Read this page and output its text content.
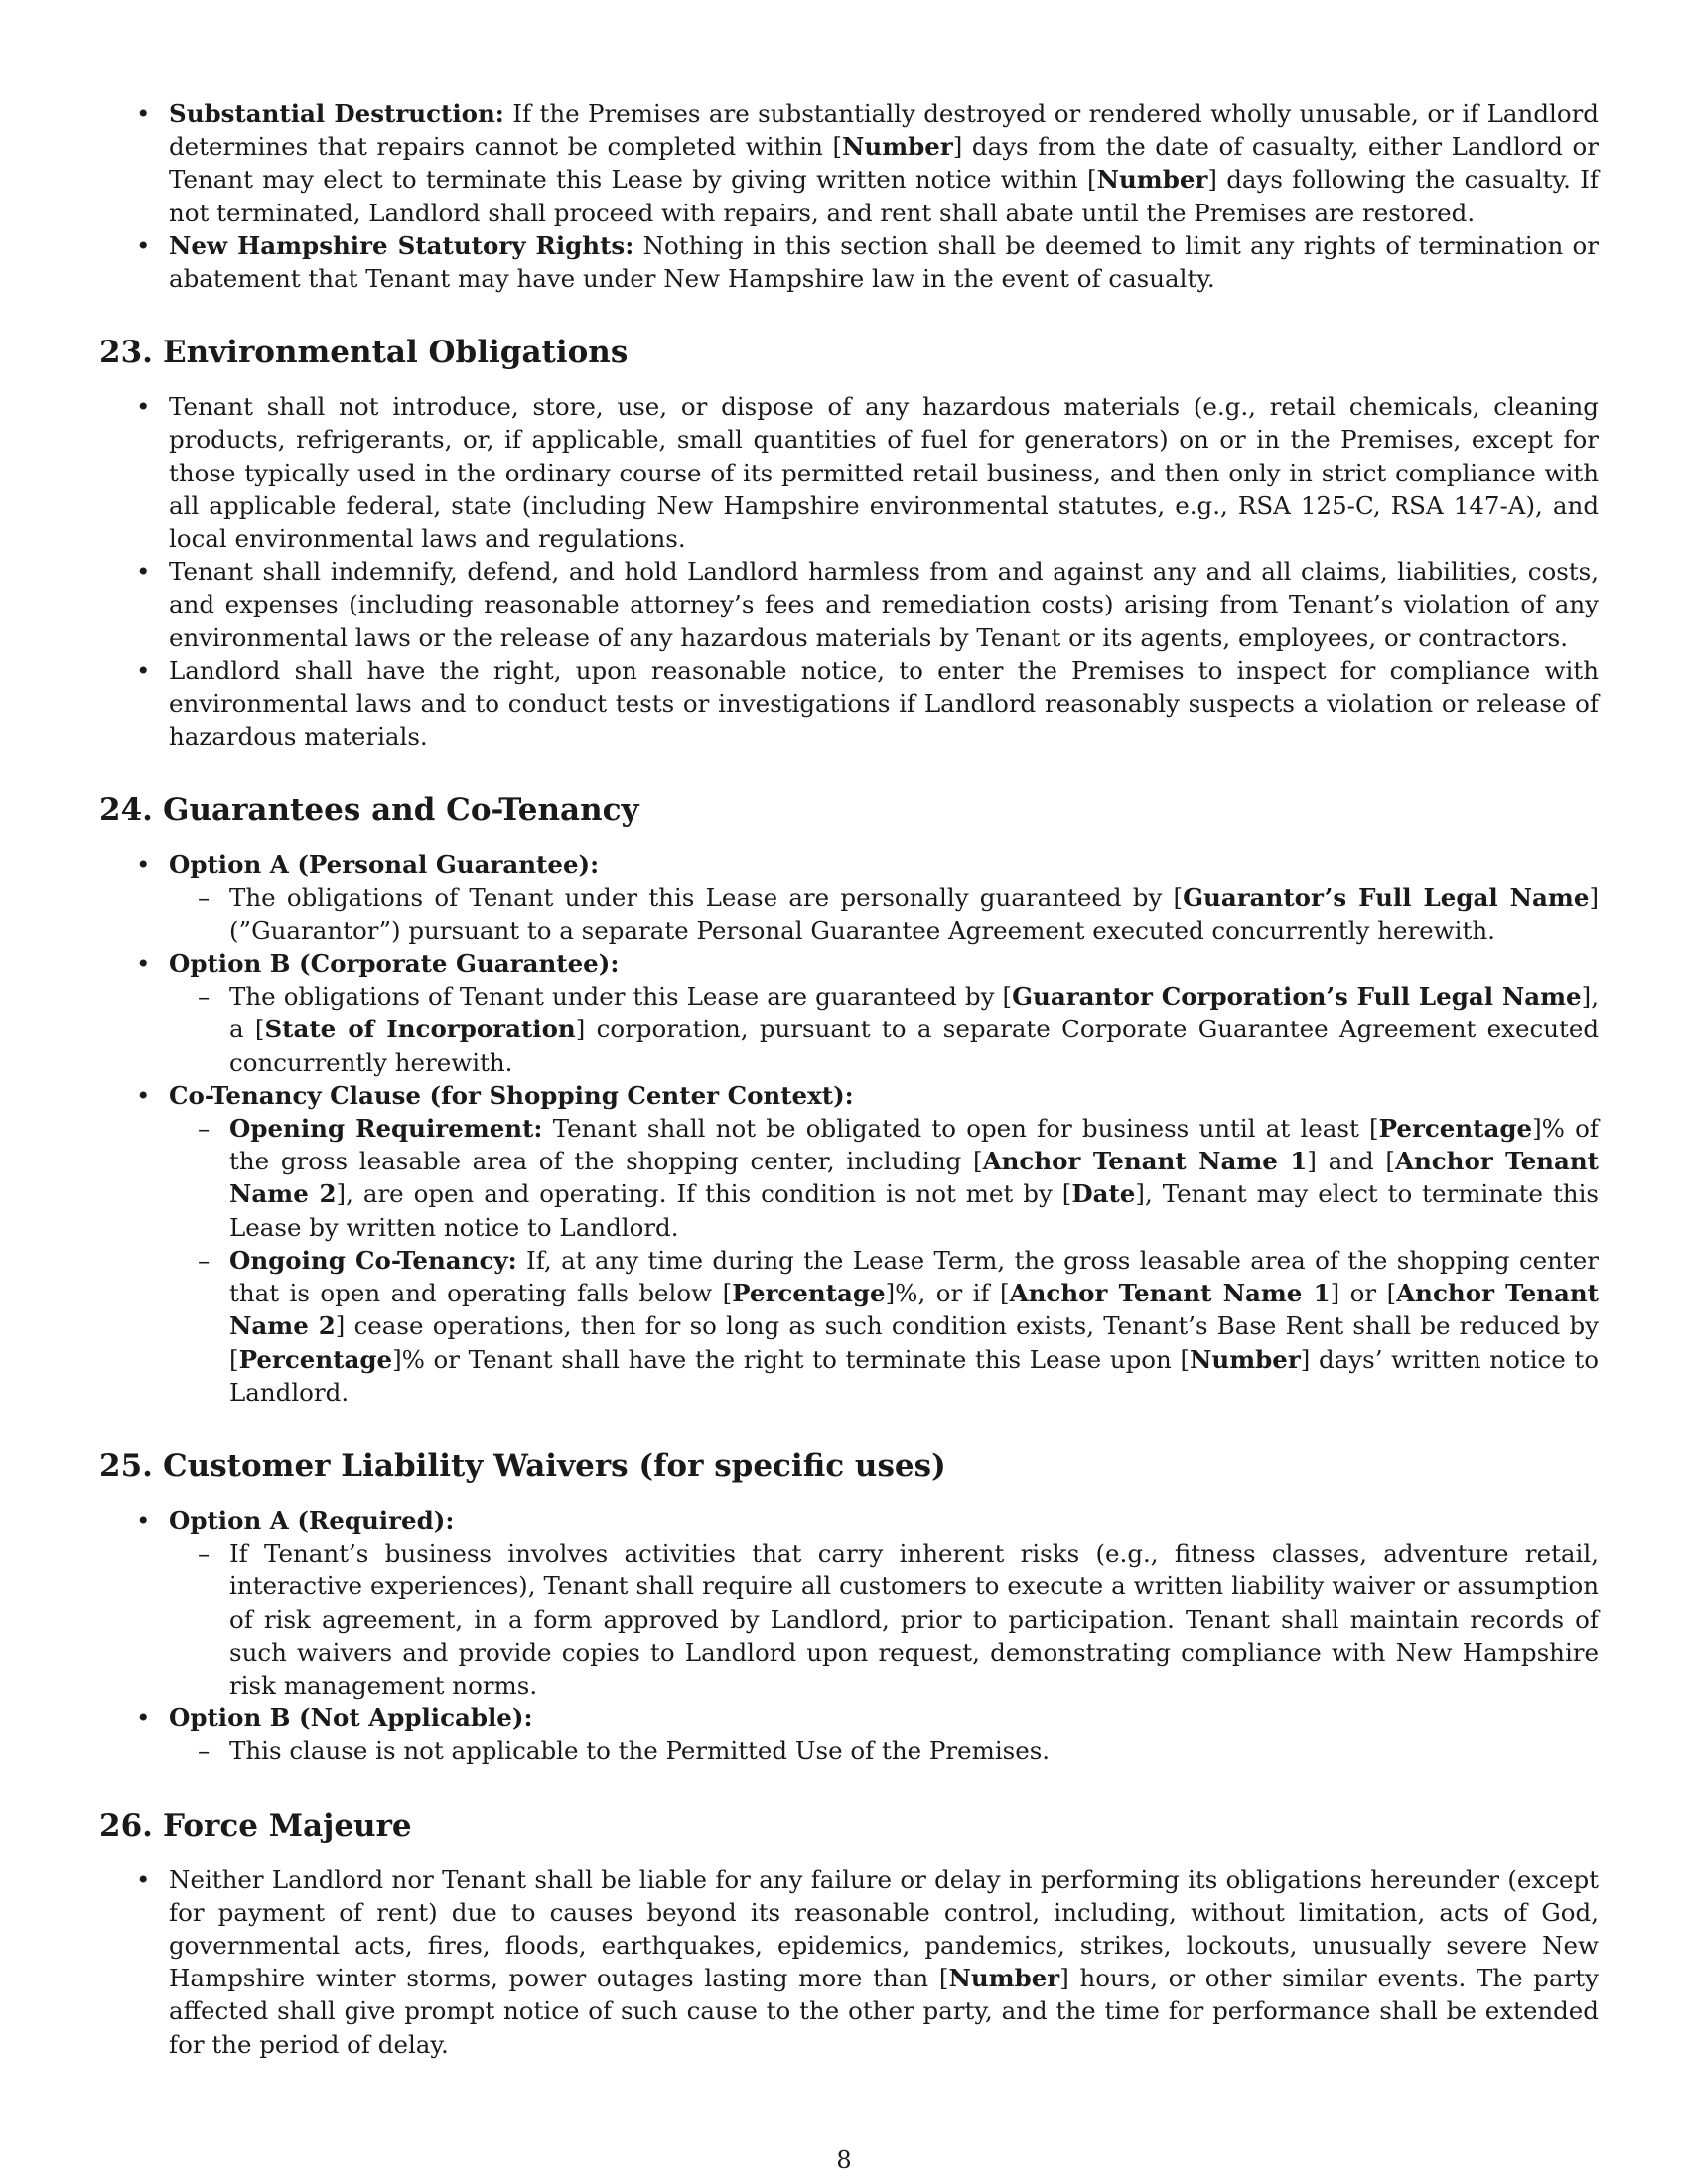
• Substantial Destruction: If the Premises are substantially destroyed or rendered wholly unusable, or if Landlord determines that repairs cannot be completed within [Number] days from the date of casualty, either Landlord or Tenant may elect to terminate this Lease by giving written notice within [Number] days following the casualty. If not terminated, Landlord shall proceed with repairs, and rent shall abate until the Premises are restored.
• New Hampshire Statutory Rights: Nothing in this section shall be deemed to limit any rights of termination or abatement that Tenant may have under New Hampshire law in the event of casualty.
23. Environmental Obligations
• Tenant shall not introduce, store, use, or dispose of any hazardous materials (e.g., retail chemicals, cleaning products, refrigerants, or, if applicable, small quantities of fuel for generators) on or in the Premises, except for those typically used in the ordinary course of its permitted retail business, and then only in strict compliance with all applicable federal, state (including New Hampshire environmental statutes, e.g., RSA 125-C, RSA 147-A), and local environmental laws and regulations.
• Tenant shall indemnify, defend, and hold Landlord harmless from and against any and all claims, liabilities, costs, and expenses (including reasonable attorney’s fees and remediation costs) arising from Tenant’s violation of any environmental laws or the release of any hazardous materials by Tenant or its agents, employees, or contractors.
• Landlord shall have the right, upon reasonable notice, to enter the Premises to inspect for compliance with environmental laws and to conduct tests or investigations if Landlord reasonably suspects a violation or release of hazardous materials.
24. Guarantees and Co-Tenancy
• Option A (Personal Guarantee):
– The obligations of Tenant under this Lease are personally guaranteed by [Guarantor’s Full Legal Name] (”Guarantor”) pursuant to a separate Personal Guarantee Agreement executed concurrently herewith.
• Option B (Corporate Guarantee):
– The obligations of Tenant under this Lease are guaranteed by [Guarantor Corporation’s Full Legal Name], a [State of Incorporation] corporation, pursuant to a separate Corporate Guarantee Agreement executed concurrently herewith.
• Co-Tenancy Clause (for Shopping Center Context):
– Opening Requirement: Tenant shall not be obligated to open for business until at least [Percentage]% of the gross leasable area of the shopping center, including [Anchor Tenant Name 1] and [Anchor Tenant Name 2], are open and operating. If this condition is not met by [Date], Tenant may elect to terminate this Lease by written notice to Landlord.
– Ongoing Co-Tenancy: If, at any time during the Lease Term, the gross leasable area of the shopping center that is open and operating falls below [Percentage]%, or if [Anchor Tenant Name 1] or [Anchor Tenant Name 2] cease operations, then for so long as such condition exists, Tenant’s Base Rent shall be reduced by [Percentage]% or Tenant shall have the right to terminate this Lease upon [Number] days’ written notice to Landlord.
25. Customer Liability Waivers (for specific uses)
• Option A (Required):
– If Tenant’s business involves activities that carry inherent risks (e.g., fitness classes, adventure retail, interactive experiences), Tenant shall require all customers to execute a written liability waiver or assumption of risk agreement, in a form approved by Landlord, prior to participation. Tenant shall maintain records of such waivers and provide copies to Landlord upon request, demonstrating compliance with New Hampshire risk management norms.
• Option B (Not Applicable):
– This clause is not applicable to the Permitted Use of the Premises.
26. Force Majeure
• Neither Landlord nor Tenant shall be liable for any failure or delay in performing its obligations hereunder (except for payment of rent) due to causes beyond its reasonable control, including, without limitation, acts of God, governmental acts, fires, floods, earthquakes, epidemics, pandemics, strikes, lockouts, unusually severe New Hampshire winter storms, power outages lasting more than [Number] hours, or other similar events. The party affected shall give prompt notice of such cause to the other party, and the time for performance shall be extended for the period of delay.
8
